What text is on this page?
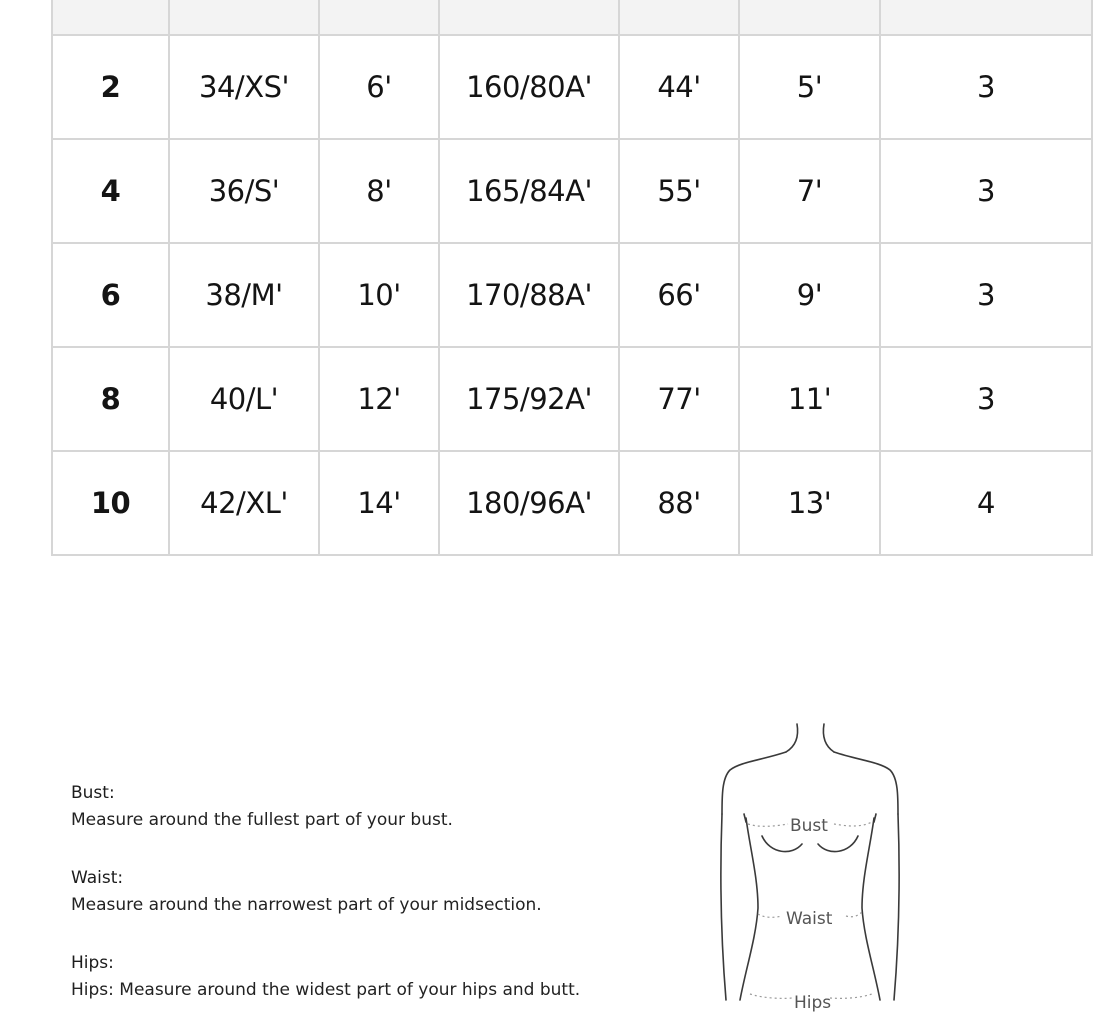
2	34/XS'	6'	160/80A'	44'	5'	3
4	36/S'	8'	165/84A'	55'	7'	3
6	38/M'	10'	170/88A'	66'	9'	3
8	40/L'	12'	175/92A'	77'	11'	3
10	42/XL'	14'	180/96A'	88'	13'	4
Bust:
Measure around the fullest part of your bust.
Waist:
Measure around the narrowest part of your midsection.
Hips:
Hips: Measure around the widest part of your hips and butt.
Bust
Waist
Hips
